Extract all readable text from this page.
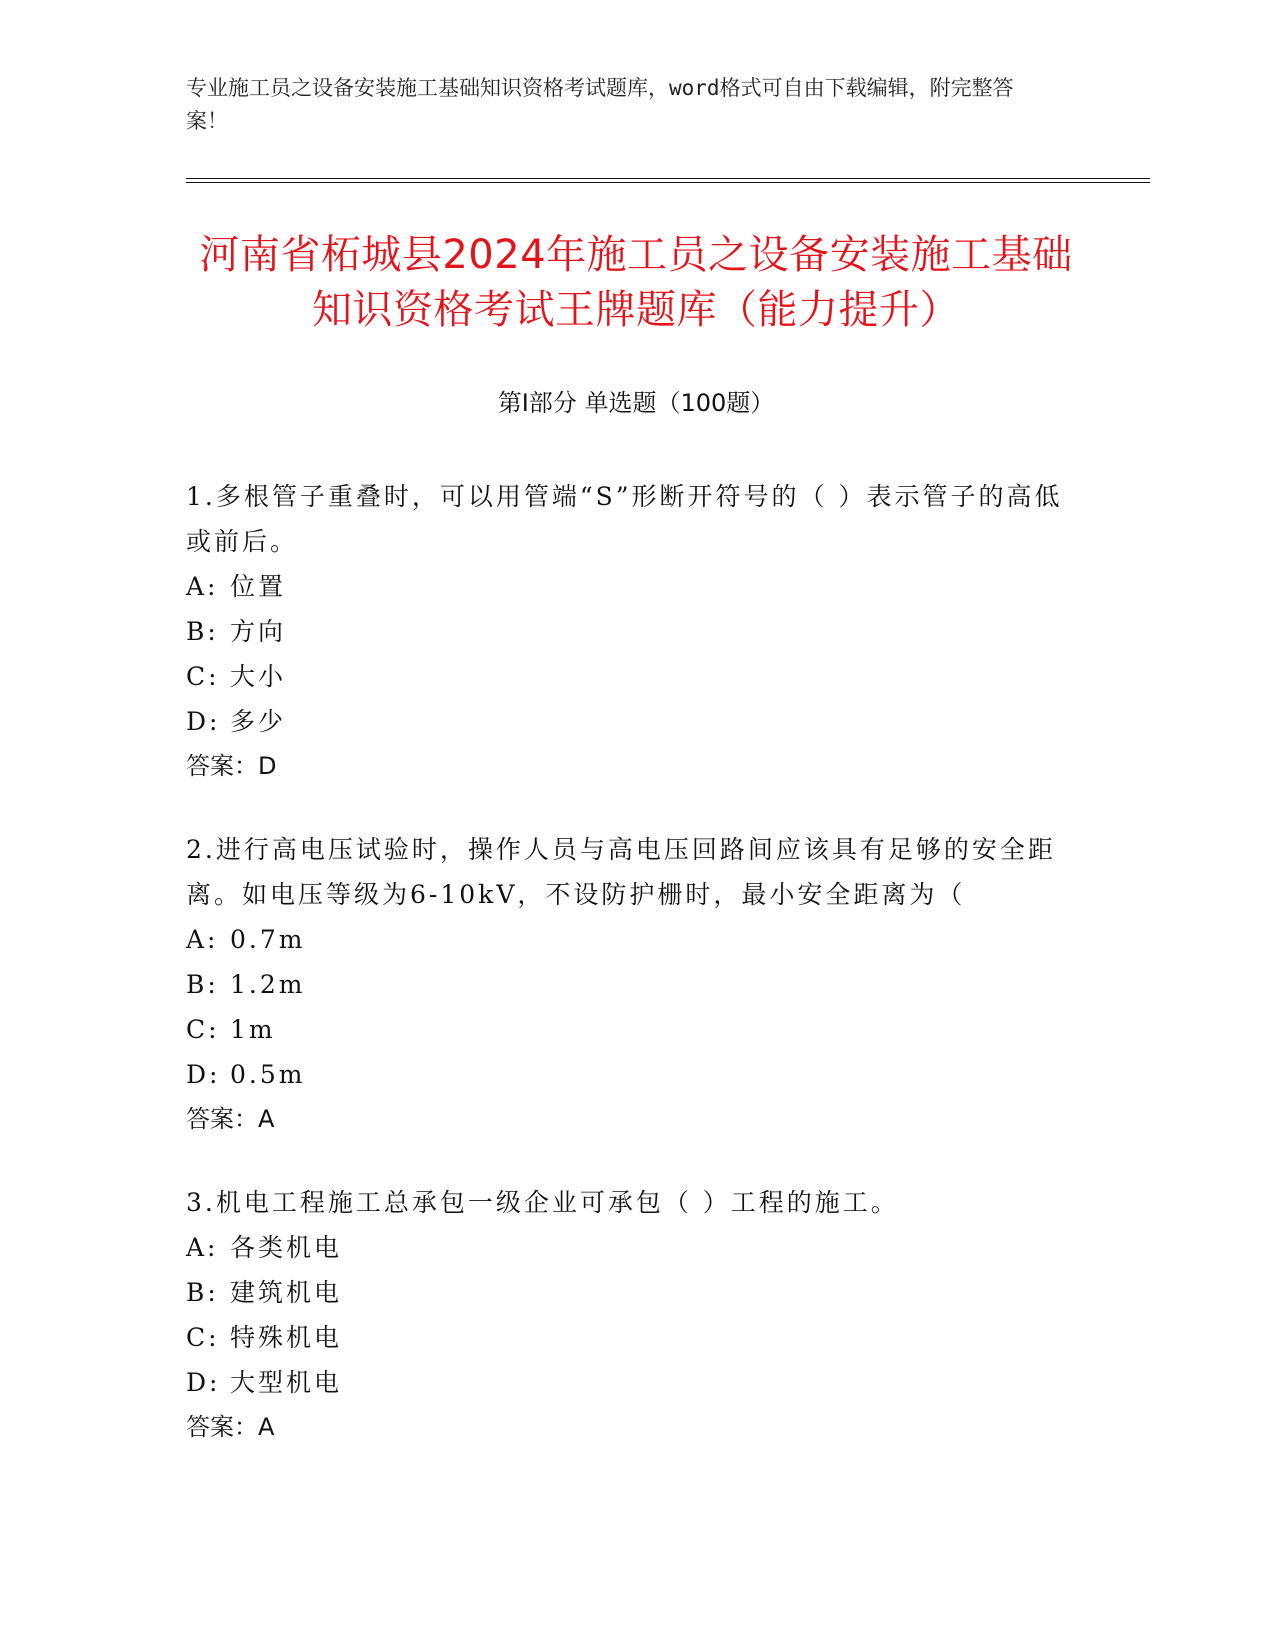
专业施工员之设备安装施工基础知识资格考试题库，word格式可自由下载编辑，附完整答案！
河南省柘城县2024年施工员之设备安装施工基础知识资格考试王牌题库（能力提升）
第Ⅰ部分 单选题（100题）
1.多根管子重叠时，可以用管端“S”形断开符号的（ ）表示管子的高低或前后。
A: 位置
B: 方向
C: 大小
D: 多少
答案：D
2.进行高电压试验时，操作人员与高电压回路间应该具有足够的安全距离。如电压等级为6-10kV，不设防护栅时，最小安全距离为（
A: 0.7m
B: 1.2m
C: 1m
D: 0.5m
答案：A
3.机电工程施工总承包一级企业可承包（ ）工程的施工。
A: 各类机电
B: 建筑机电
C: 特殊机电
D: 大型机电
答案：A
